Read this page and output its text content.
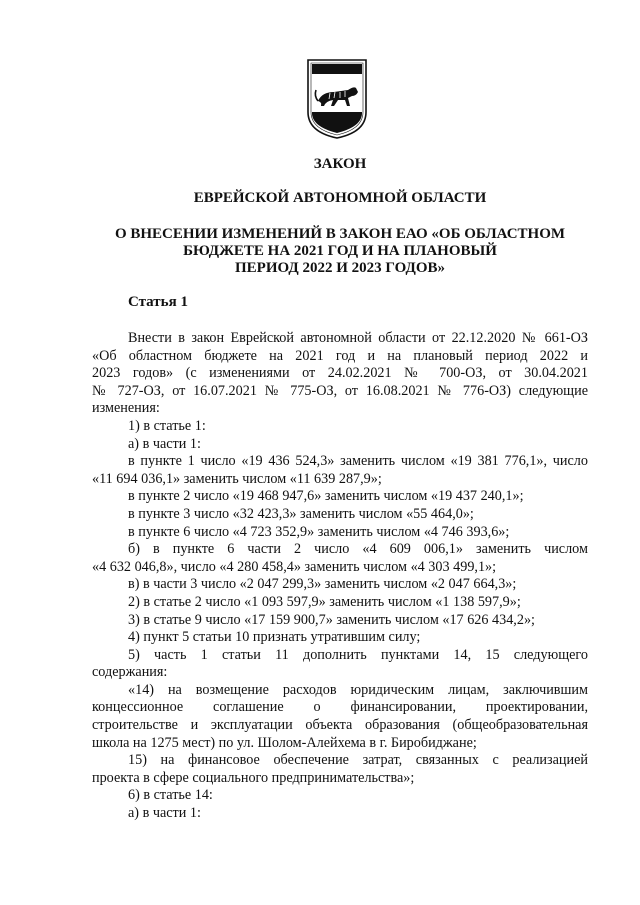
ЗАКОН
ЕВРЕЙСКОЙ АВТОНОМНОЙ ОБЛАСТИ
О ВНЕСЕНИИ ИЗМЕНЕНИЙ В ЗАКОН ЕАО «ОБ ОБЛАСТНОМ
БЮДЖЕТЕ НА 2021 ГОД И НА ПЛАНОВЫЙ
ПЕРИОД 2022 И 2023 ГОДОВ»
Статья 1
Внести в закон Еврейской автономной области от 22.12.2020 № 661-ОЗ
«Об областном бюджете на 2021 год и на плановый период 2022 и
2023 годов» (с изменениями от 24.02.2021 № 700-ОЗ, от 30.04.2021
№ 727-ОЗ, от 16.07.2021 № 775-ОЗ, от 16.08.2021 № 776-ОЗ) следующие
изменения:
1) в статье 1:
а) в части 1:
в пункте 1 число «19 436 524,3» заменить числом «19 381 776,1», число
«11 694 036,1» заменить числом «11 639 287,9»;
в пункте 2 число «19 468 947,6» заменить числом «19 437 240,1»;
в пункте 3 число «32 423,3» заменить числом «55 464,0»;
в пункте 6 число «4 723 352,9» заменить числом «4 746 393,6»;
б) в пункте 6 части 2 число «4 609 006,1» заменить числом
«4 632 046,8», число «4 280 458,4» заменить числом «4 303 499,1»;
в) в части 3 число «2 047 299,3» заменить числом «2 047 664,3»;
2) в статье 2 число «1 093 597,9» заменить числом «1 138 597,9»;
3) в статье 9 число «17 159 900,7» заменить числом «17 626 434,2»;
4) пункт 5 статьи 10 признать утратившим силу;
5) часть 1 статьи 11 дополнить пунктами 14, 15 следующего
содержания:
«14) на возмещение расходов юридическим лицам, заключившим
концессионное соглашение о финансировании, проектировании,
строительстве и эксплуатации объекта образования (общеобразовательная
школа на 1275 мест) по ул. Шолом-Алейхема в г. Биробиджане;
15) на финансовое обеспечение затрат, связанных с реализацией
проекта в сфере социального предпринимательства»;
6) в статье 14:
а) в части 1:
